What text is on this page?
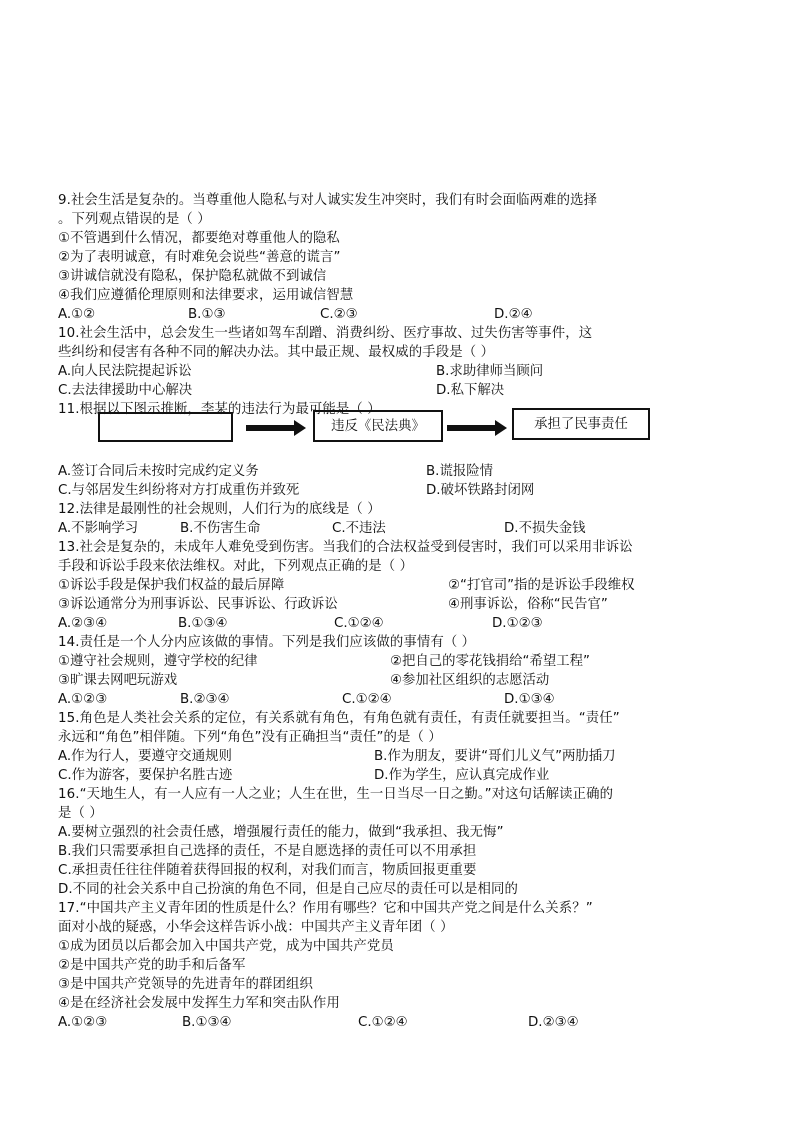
9.社会生活是复杂的。当尊重他人隐私与对人诚实发生冲突时，我们有时会面临两难的选择
。下列观点错误的是（ ）
①不管遇到什么情况，都要绝对尊重他人的隐私
②为了表明诚意，有时难免会说些“善意的谎言”
③讲诚信就没有隐私，保护隐私就做不到诚信
④我们应遵循伦理原则和法律要求，运用诚信智慧
A.①②	B.①③	C.②③	D.②④
10.社会生活中，总会发生一些诸如驾车刮蹭、消费纠纷、医疗事故、过失伤害等事件，这
些纠纷和侵害有各种不同的解决办法。其中最正规、最权威的手段是（ ）
A.向人民法院提起诉讼	B.求助律师当顾问
C.去法律援助中心解决	D.私下解决
11.根据以下图示推断，李某的违法行为最可能是（ ）
违反《民法典》	承担了民事责任
A.签订合同后未按时完成约定义务	B.谎报险情
C.与邻居发生纠纷将对方打成重伤并致死	D.破坏铁路封闭网
12.法律是最刚性的社会规则，人们行为的底线是（ ）
A.不影响学习	B.不伤害生命	C.不违法	D.不损失金钱
13.社会是复杂的，未成年人难免受到伤害。当我们的合法权益受到侵害时，我们可以采用非诉讼
手段和诉讼手段来依法维权。对此，下列观点正确的是（ ）
①诉讼手段是保护我们权益的最后屏障	②“打官司”指的是诉讼手段维权
③诉讼通常分为刑事诉讼、民事诉讼、行政诉讼	④刑事诉讼，俗称“民告官”
A.②③④	B.①③④	C.①②④	D.①②③
14.责任是一个人分内应该做的事情。下列是我们应该做的事情有（ ）
①遵守社会规则，遵守学校的纪律	②把自己的零花钱捐给“希望工程”
③旷课去网吧玩游戏	④参加社区组织的志愿活动
A.①②③	B.②③④	C.①②④	D.①③④
15.角色是人类社会关系的定位，有关系就有角色，有角色就有责任，有责任就要担当。“责任”
永远和“角色”相伴随。下列“角色”没有正确担当“责任”的是（ ）
A.作为行人，要遵守交通规则	B.作为朋友，要讲“哥们儿义气”两肋插刀
C.作为游客，要保护名胜古迹	D.作为学生，应认真完成作业
16.“天地生人，有一人应有一人之业；人生在世，生一日当尽一日之勤。”对这句话解读正确的
是（ ）
A.要树立强烈的社会责任感，增强履行责任的能力，做到“我承担、我无悔”
B.我们只需要承担自己选择的责任，不是自愿选择的责任可以不用承担
C.承担责任往往伴随着获得回报的权利，对我们而言，物质回报更重要
D.不同的社会关系中自己扮演的角色不同，但是自己应尽的责任可以是相同的
17.“中国共产主义青年团的性质是什么？作用有哪些？它和中国共产党之间是什么关系？”
面对小战的疑惑，小华会这样告诉小战：中国共产主义青年团（ ）
①成为团员以后都会加入中国共产党，成为中国共产党员
②是中国共产党的助手和后备军
③是中国共产党领导的先进青年的群团组织
④是在经济社会发展中发挥生力军和突击队作用
A.①②③	B.①③④	C.①②④	D.②③④
